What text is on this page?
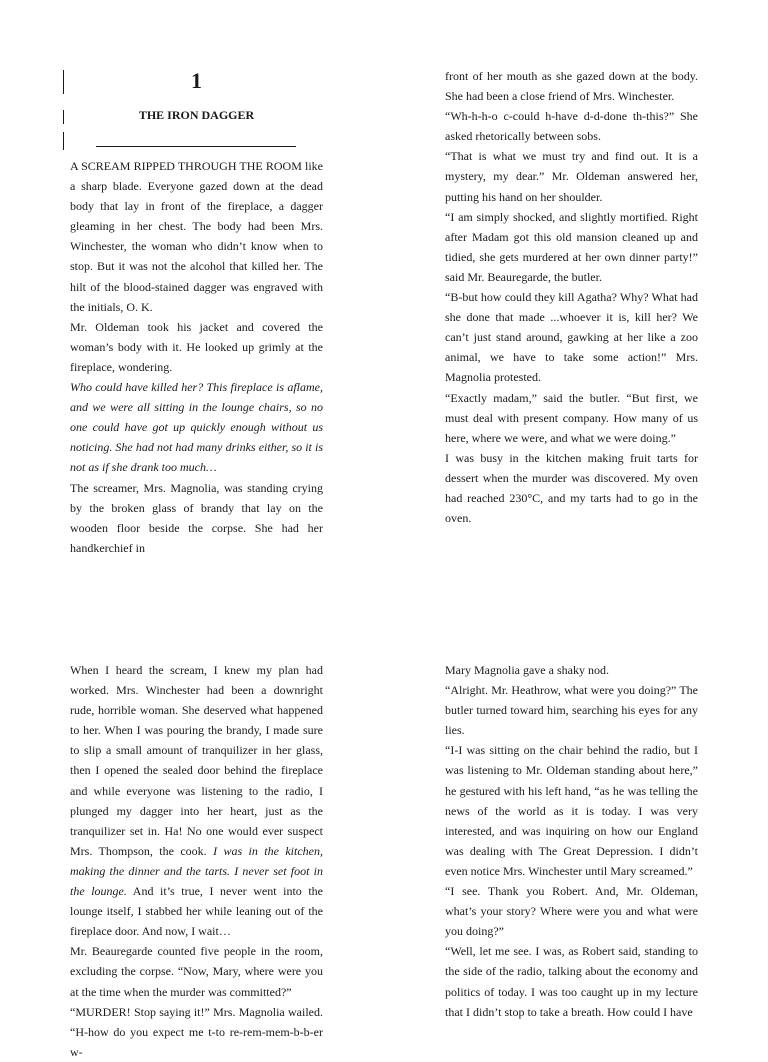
1
THE IRON DAGGER

A SCREAM RIPPED THROUGH THE ROOM like a sharp blade. Everyone gazed down at the dead body that lay in front of the fireplace, a dagger gleaming in her chest. The body had been Mrs. Winchester, the woman who didn’t know when to stop. But it was not the alcohol that killed her. The hilt of the blood-stained dagger was engraved with the initials, O. K.

Mr. Oldeman took his jacket and covered the woman’s body with it. He looked up grimly at the fireplace, wondering.

Who could have killed her? This fireplace is aflame, and we were all sitting in the lounge chairs, so no one could have got up quickly enough without us noticing. She had not had many drinks either, so it is not as if she drank too much…

The screamer, Mrs. Magnolia, was standing crying by the broken glass of brandy that lay on the wooden floor beside the corpse. She had her handkerchief in

front of her mouth as she gazed down at the body. She had been a close friend of Mrs. Winchester.

“Wh-h-h-o c-could h-have d-d-done th-this?” She asked rhetorically between sobs.

“That is what we must try and find out. It is a mystery, my dear.” Mr. Oldeman answered her, putting his hand on her shoulder.

“I am simply shocked, and slightly mortified. Right after Madam got this old mansion cleaned up and tidied, she gets murdered at her own dinner party!” said Mr. Beauregarde, the butler.

“B-but how could they kill Agatha? Why? What had she done that made ...whoever it is, kill her? We can’t just stand around, gawking at her like a zoo animal, we have to take some action!” Mrs. Magnolia protested.

“Exactly madam,” said the butler. “But first, we must deal with present company. How many of us here, where we were, and what we were doing.”

I was busy in the kitchen making fruit tarts for dessert when the murder was discovered. My oven had reached 230°C, and my tarts had to go in the oven.

When I heard the scream, I knew my plan had worked. Mrs. Winchester had been a downright rude, horrible woman. She deserved what happened to her. When I was pouring the brandy, I made sure to slip a small amount of tranquilizer in her glass, then I opened the sealed door behind the fireplace and while everyone was listening to the radio, I plunged my dagger into her heart, just as the tranquilizer set in. Ha! No one would ever suspect Mrs. Thompson, the cook. I was in the kitchen, making the dinner and the tarts. I never set foot in the lounge. And it’s true, I never went into the lounge itself, I stabbed her while leaning out of the fireplace door. And now, I wait…

Mr. Beauregarde counted five people in the room, excluding the corpse. “Now, Mary, where were you at the time when the murder was committed?”

“MURDER! Stop saying it!” Mrs. Magnolia wailed. “H-how do you expect me t-to re-rem-mem-b-b-er w-

Mary Magnolia gave a shaky nod.

“Alright. Mr. Heathrow, what were you doing?” The butler turned toward him, searching his eyes for any lies.

“I-I was sitting on the chair behind the radio, but I was listening to Mr. Oldeman standing about here,” he gestured with his left hand, “as he was telling the news of the world as it is today. I was very interested, and was inquiring on how our England was dealing with The Great Depression. I didn’t even notice Mrs. Winchester until Mary screamed.”

“I see. Thank you Robert. And, Mr. Oldeman, what’s your story? Where were you and what were you doing?”

“Well, let me see. I was, as Robert said, standing to the side of the radio, talking about the economy and politics of today. I was too caught up in my lecture that I didn’t stop to take a breath. How could I have
